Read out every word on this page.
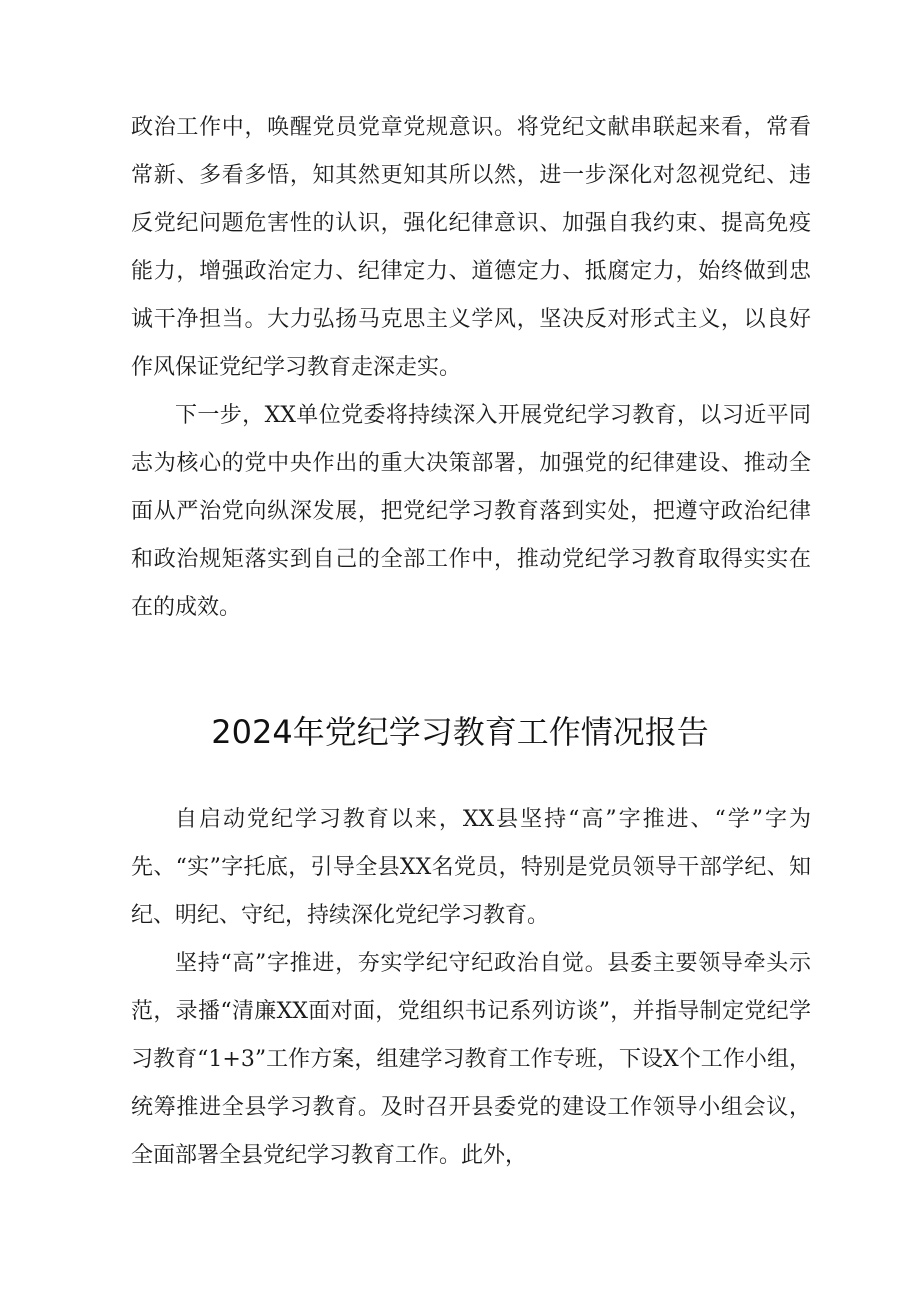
政治工作中，唤醒党员党章党规意识。将党纪文献串联起来看，常看常新、多看多悟，知其然更知其所以然，进一步深化对忽视党纪、违反党纪问题危害性的认识，强化纪律意识、加强自我约束、提高免疫能力，增强政治定力、纪律定力、道德定力、抵腐定力，始终做到忠诚干净担当。大力弘扬马克思主义学风，坚决反对形式主义，以良好作风保证党纪学习教育走深走实。

下一步，XX单位党委将持续深入开展党纪学习教育，以习近平同志为核心的党中央作出的重大决策部署，加强党的纪律建设、推动全面从严治党向纵深发展，把党纪学习教育落到实处，把遵守政治纪律和政治规矩落实到自己的全部工作中，推动党纪学习教育取得实实在在的成效。

2024年党纪学习教育工作情况报告

自启动党纪学习教育以来，XX县坚持“高”字推进、“学”字为先、“实”字托底，引导全县XX名党员，特别是党员领导干部学纪、知纪、明纪、守纪，持续深化党纪学习教育。

坚持“高”字推进，夯实学纪守纪政治自觉。县委主要领导牵头示范，录播“清廉XX面对面，党组织书记系列访谈”，并指导制定党纪学习教育“1+3”工作方案，组建学习教育工作专班，下设X个工作小组，统筹推进全县学习教育。及时召开县委党的建设工作领导小组会议，全面部署全县党纪学习教育工作。此外，
